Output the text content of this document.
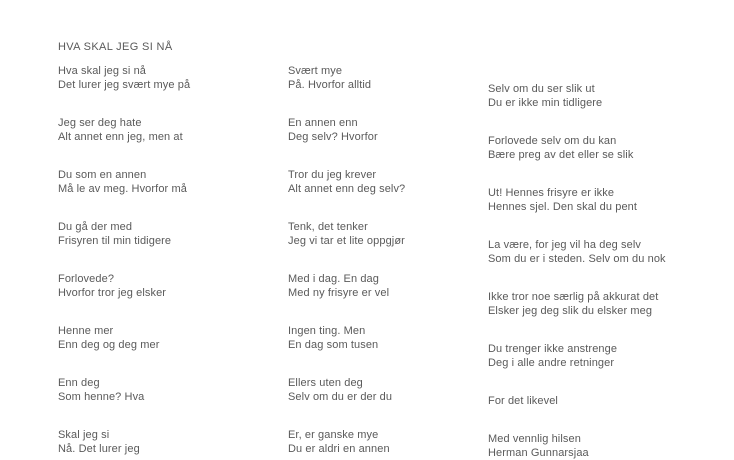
HVA SKAL JEG SI NÅ
Hva skal jeg si nå
Det lurer jeg svært mye på
Jeg ser deg hate
Alt annet enn jeg, men at
Du som en annen
Må le av meg. Hvorfor må
Du gå der med
Frisyren til min tidigere
Forlovede?
Hvorfor tror jeg elsker
Henne mer
Enn deg og deg mer
Enn deg
Som henne? Hva
Skal jeg si
Nå. Det lurer jeg
Svært mye
På. Hvorfor alltid
En annen enn
Deg selv? Hvorfor
Tror du jeg krever
Alt annet enn deg selv?
Tenk, det tenker
Jeg vi tar et lite oppgjør
Med i dag. En dag
Med ny frisyre er vel
Ingen ting. Men
En dag som tusen
Ellers uten deg
Selv om du er der du
Er, er ganske mye
Du er aldri en annen
Selv om du ser slik ut
Du er ikke min tidligere
Forlovede selv om du kan
Bære preg av det eller se slik
Ut! Hennes frisyre er ikke
Hennes sjel. Den skal du pent
La være, for jeg vil ha deg selv
Som du er i steden. Selv om du nok
Ikke tror noe særlig på akkurat det
Elsker jeg deg slik du elsker meg
Du trenger ikke anstrenge
Deg i alle andre retninger
For det likevel
Med vennlig hilsen
Herman Gunnarsjaa
